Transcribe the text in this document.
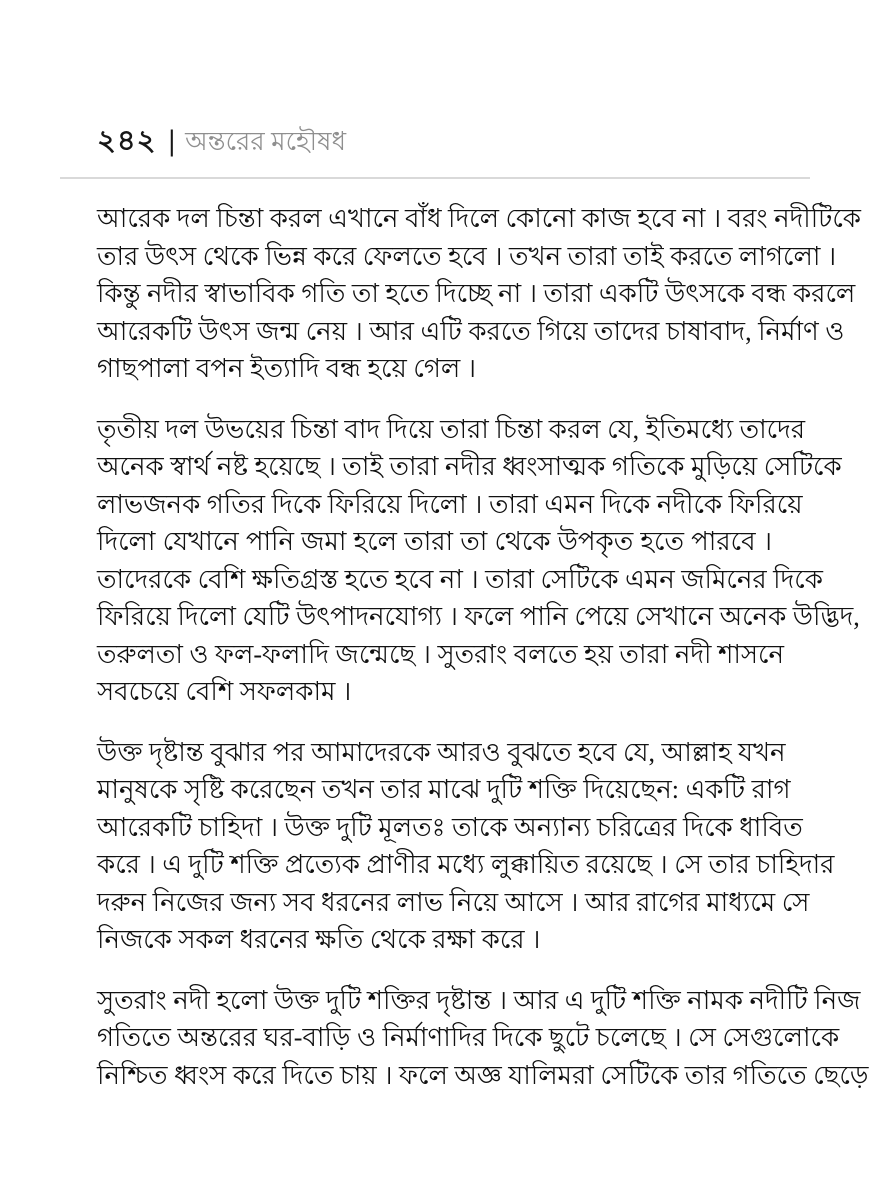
২৪২ | অন্তরের মহৌষধ

আরেক দল চিন্তা করল এখানে বাঁধ দিলে কোনো কাজ হবে না । বরং নদীটিকে
তার উৎস থেকে ভিন্ন করে ফেলতে হবে । তখন তারা তাই করতে লাগলো ।
কিন্তু নদীর স্বাভাবিক গতি তা হতে দিচ্ছে না । তারা একটি উৎসকে বন্ধ করলে
আরেকটি উৎস জন্ম নেয় । আর এটি করতে গিয়ে তাদের চাষাবাদ, নির্মাণ ও
গাছপালা বপন ইত্যাদি বন্ধ হয়ে গেল ।

তৃতীয় দল উভয়ের চিন্তা বাদ দিয়ে তারা চিন্তা করল যে, ইতিমধ্যে তাদের
অনেক স্বার্থ নষ্ট হয়েছে । তাই তারা নদীর ধ্বংসাত্মক গতিকে মুড়িয়ে সেটিকে
লাভজনক গতির দিকে ফিরিয়ে দিলো । তারা এমন দিকে নদীকে ফিরিয়ে
দিলো যেখানে পানি জমা হলে তারা তা থেকে উপকৃত হতে পারবে ।
তাদেরকে বেশি ক্ষতিগ্রস্ত হতে হবে না । তারা সেটিকে এমন জমিনের দিকে
ফিরিয়ে দিলো যেটি উৎপাদনযোগ্য । ফলে পানি পেয়ে সেখানে অনেক উদ্ভিদ,
তরুলতা ও ফল-ফলাদি জন্মেছে । সুতরাং বলতে হয় তারা নদী শাসনে
সবচেয়ে বেশি সফলকাম ।

উক্ত দৃষ্টান্ত বুঝার পর আমাদেরকে আরও বুঝতে হবে যে, আল্লাহ যখন
মানুষকে সৃষ্টি করেছেন তখন তার মাঝে দুটি শক্তি দিয়েছেন: একটি রাগ
আরেকটি চাহিদা । উক্ত দুটি মূলতঃ তাকে অন্যান্য চরিত্রের দিকে ধাবিত
করে । এ দুটি শক্তি প্রত্যেক প্রাণীর মধ্যে লুক্কায়িত রয়েছে । সে তার চাহিদার
দরুন নিজের জন্য সব ধরনের লাভ নিয়ে আসে । আর রাগের মাধ্যমে সে
নিজকে সকল ধরনের ক্ষতি থেকে রক্ষা করে ।

সুতরাং নদী হলো উক্ত দুটি শক্তির দৃষ্টান্ত । আর এ দুটি শক্তি নামক নদীটি নিজ
গতিতে অন্তরের ঘর-বাড়ি ও নির্মাণাদির দিকে ছুটে চলেছে । সে সেগুলোকে
নিশ্চিত ধ্বংস করে দিতে চায় । ফলে অজ্ঞ যালিমরা সেটিকে তার গতিতে ছেড়ে
